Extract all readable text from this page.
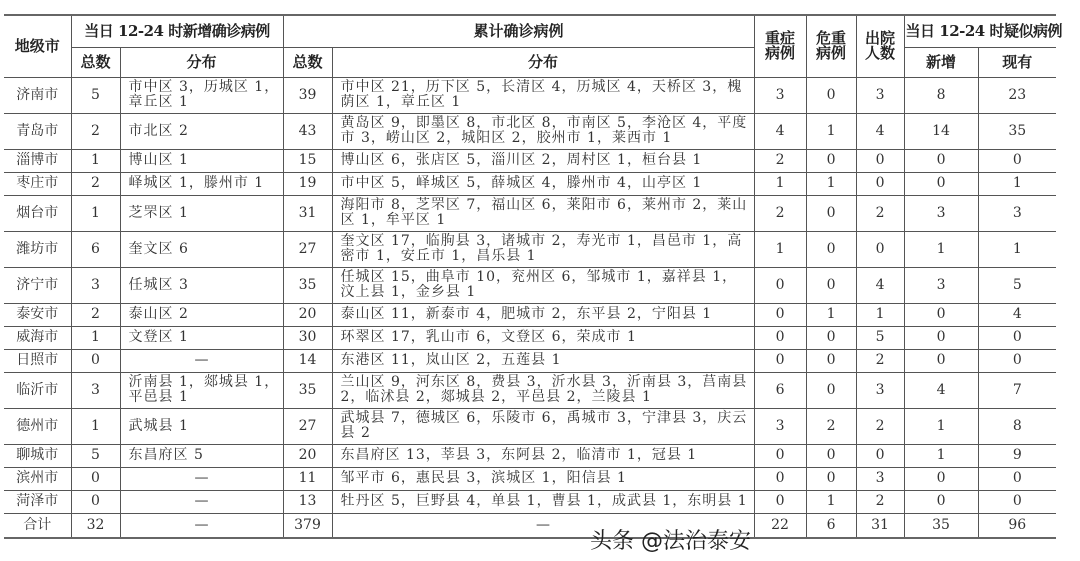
地级市	当日 12-24 时新增确诊病例		累计确诊病例		重症病例	危重病例	出院人数	当日 12-24 时疑似病例	
	总数	分布	总数	分布				新增	现有
济南市	5	市中区 3，历城区 1，章丘区 1	39	市中区 21，历下区 5，长清区 4，历城区 4，天桥区 3，槐荫区 1，章丘区 1	3	0	3	8	23
青岛市	2	市北区 2	43	黄岛区 9，即墨区 8，市北区 8，市南区 5，李沧区 4，平度市 3，崂山区 2，城阳区 2，胶州市 1，莱西市 1	4	1	4	14	35
淄博市	1	博山区 1	15	博山区 6，张店区 5，淄川区 2，周村区 1，桓台县 1	2	0	0	0	0
枣庄市	2	峄城区 1，滕州市 1	19	市中区 5，峄城区 5，薛城区 4，滕州市 4，山亭区 1	1	1	0	0	1
烟台市	1	芝罘区 1	31	海阳市 8，芝罘区 7，福山区 6，莱阳市 6，莱州市 2，莱山区 1，牟平区 1	2	0	2	3	3
潍坊市	6	奎文区 6	27	奎文区 17，临朐县 3，诸城市 2，寿光市 1，昌邑市 1，高密市 1，安丘市 1，昌乐县 1	1	0	0	1	1
济宁市	3	任城区 3	35	任城区 15，曲阜市 10，兖州区 6，邹城市 1，嘉祥县 1，汶上县 1，金乡县 1	0	0	4	3	5
泰安市	2	泰山区 2	20	泰山区 11，新泰市 4，肥城市 2，东平县 2，宁阳县 1	0	1	1	0	4
威海市	1	文登区 1	30	环翠区 17，乳山市 6，文登区 6，荣成市 1	0	0	5	0	0
日照市	0	—	14	东港区 11，岚山区 2，五莲县 1	0	0	2	0	0
临沂市	3	沂南县 1，郯城县 1，平邑县 1	35	兰山区 9，河东区 8，费县 3，沂水县 3，沂南县 3，莒南县 2，临沭县 2，郯城县 2，平邑县 2，兰陵县 1	6	0	3	4	7
德州市	1	武城县 1	27	武城县 7，德城区 6，乐陵市 6，禹城市 3，宁津县 3，庆云县 2	3	2	2	1	8
聊城市	5	东昌府区 5	20	东昌府区 13，莘县 3，东阿县 2，临清市 1，冠县 1	0	0	0	1	9
滨州市	0	—	11	邹平市 6，惠民县 3，滨城区 1，阳信县 1	0	0	3	0	0
菏泽市	0	—	13	牡丹区 5，巨野县 4，单县 1，曹县 1，成武县 1，东明县 1	0	1	2	0	0
合计	32	—	379	—	22	6	31	35	96
头条 @法治泰安
